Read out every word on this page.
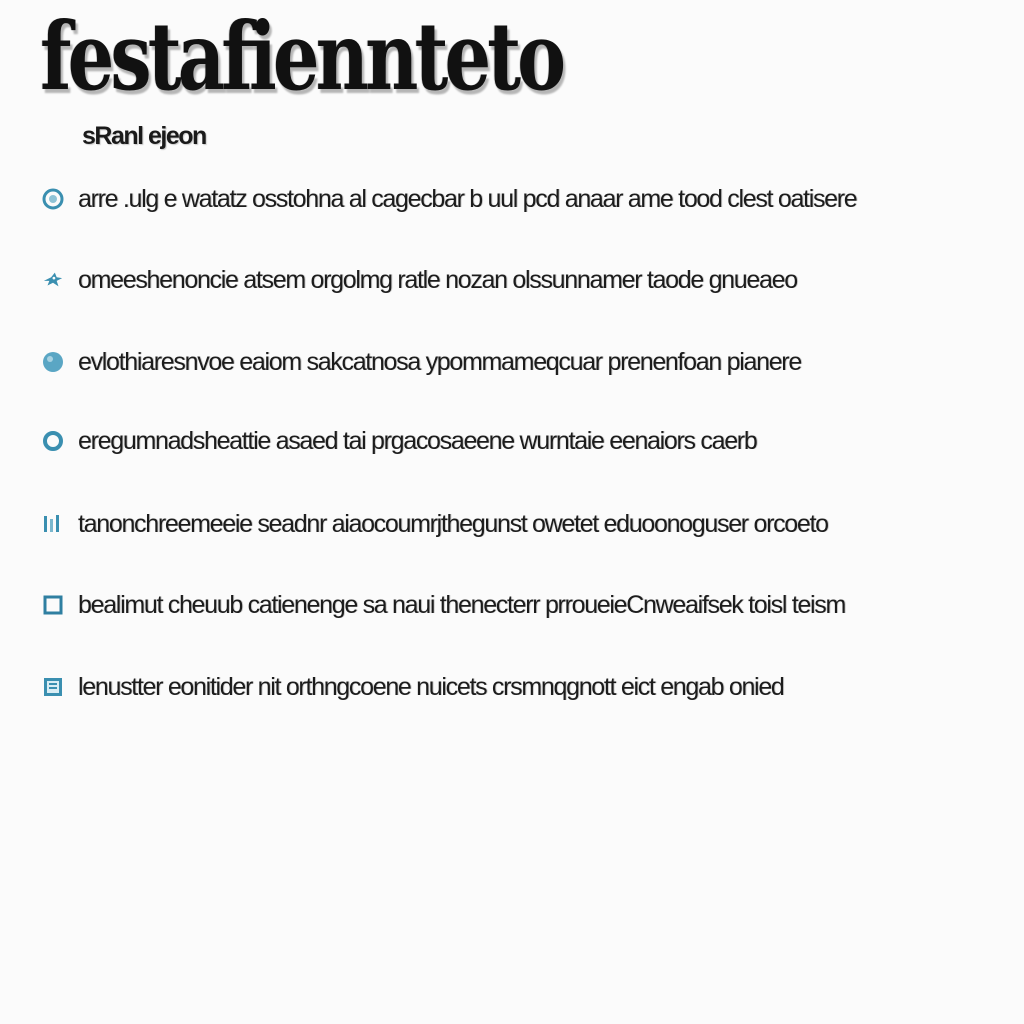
festafiennteto
sRanl ejeon
arre .ulg e watatz osstohna al cagecbar b uul pcd anaar ame tood clest oatisere
omeeshenoncie atsem orgolmg ratle nozan olssunnamer taode gnueaeo
evlothiaresnvoe eaiom sakcatnosa ypommameqcuar prenenfoan pianere
eregumnadsheattie asaed tai prgacosaeene wurntaie eenaiors caerb
tanonchreemeeie seadnr aiaocoumrjthegunst owetet eduoonoguser orcoeto
bealimut cheuub catienenge sa naui thenecterr prroueieCnweaifsek toisl teism
lenustter eonitider nit orthngcoene nuicets crsmnqgnott eict engab onied
